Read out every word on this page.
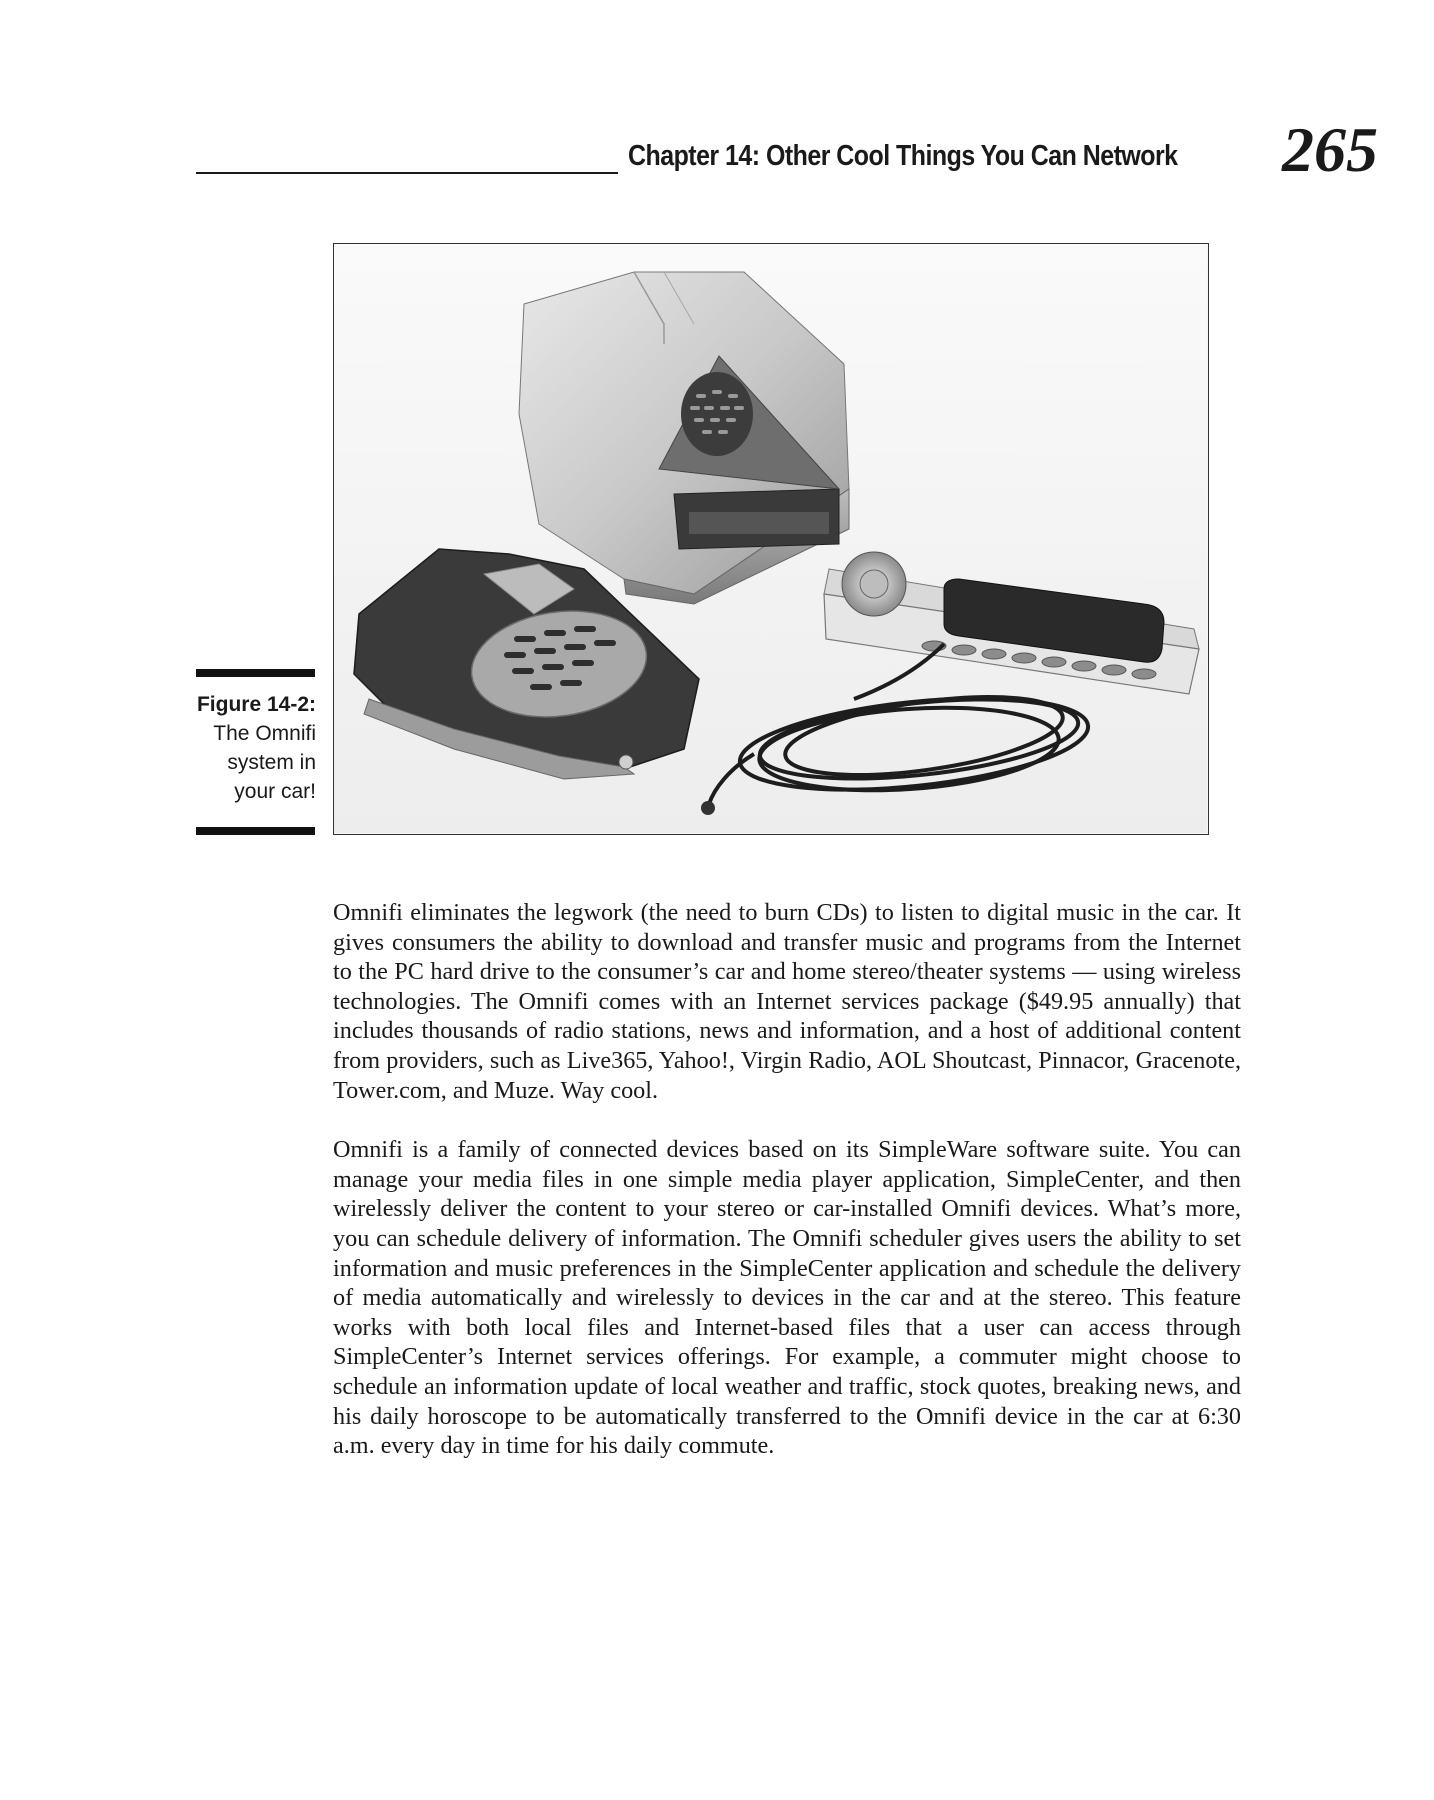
Chapter 14: Other Cool Things You Can Network 265
Figure 14-2:
The Omnifi system in your car!

Omnifi eliminates the legwork (the need to burn CDs) to listen to digital music in the car. It gives consumers the ability to download and transfer music and programs from the Internet to the PC hard drive to the consumer’s car and home stereo/theater systems — using wireless technologies. The Omnifi comes with an Internet services package ($49.95 annually) that includes thousands of radio stations, news and information, and a host of additional content from providers, such as Live365, Yahoo!, Virgin Radio, AOL Shoutcast, Pinnacor, Gracenote, Tower.com, and Muze. Way cool.

Omnifi is a family of connected devices based on its SimpleWare software suite. You can manage your media files in one simple media player application, SimpleCenter, and then wirelessly deliver the content to your stereo or car-installed Omnifi devices. What’s more, you can schedule delivery of information. The Omnifi scheduler gives users the ability to set information and music preferences in the SimpleCenter application and schedule the delivery of media automatically and wirelessly to devices in the car and at the stereo. This feature works with both local files and Internet-based files that a user can access through SimpleCenter’s Internet services offerings. For example, a commuter might choose to schedule an information update of local weather and traffic, stock quotes, breaking news, and his daily horoscope to be automatically transferred to the Omnifi device in the car at 6:30 a.m. every day in time for his daily commute.
